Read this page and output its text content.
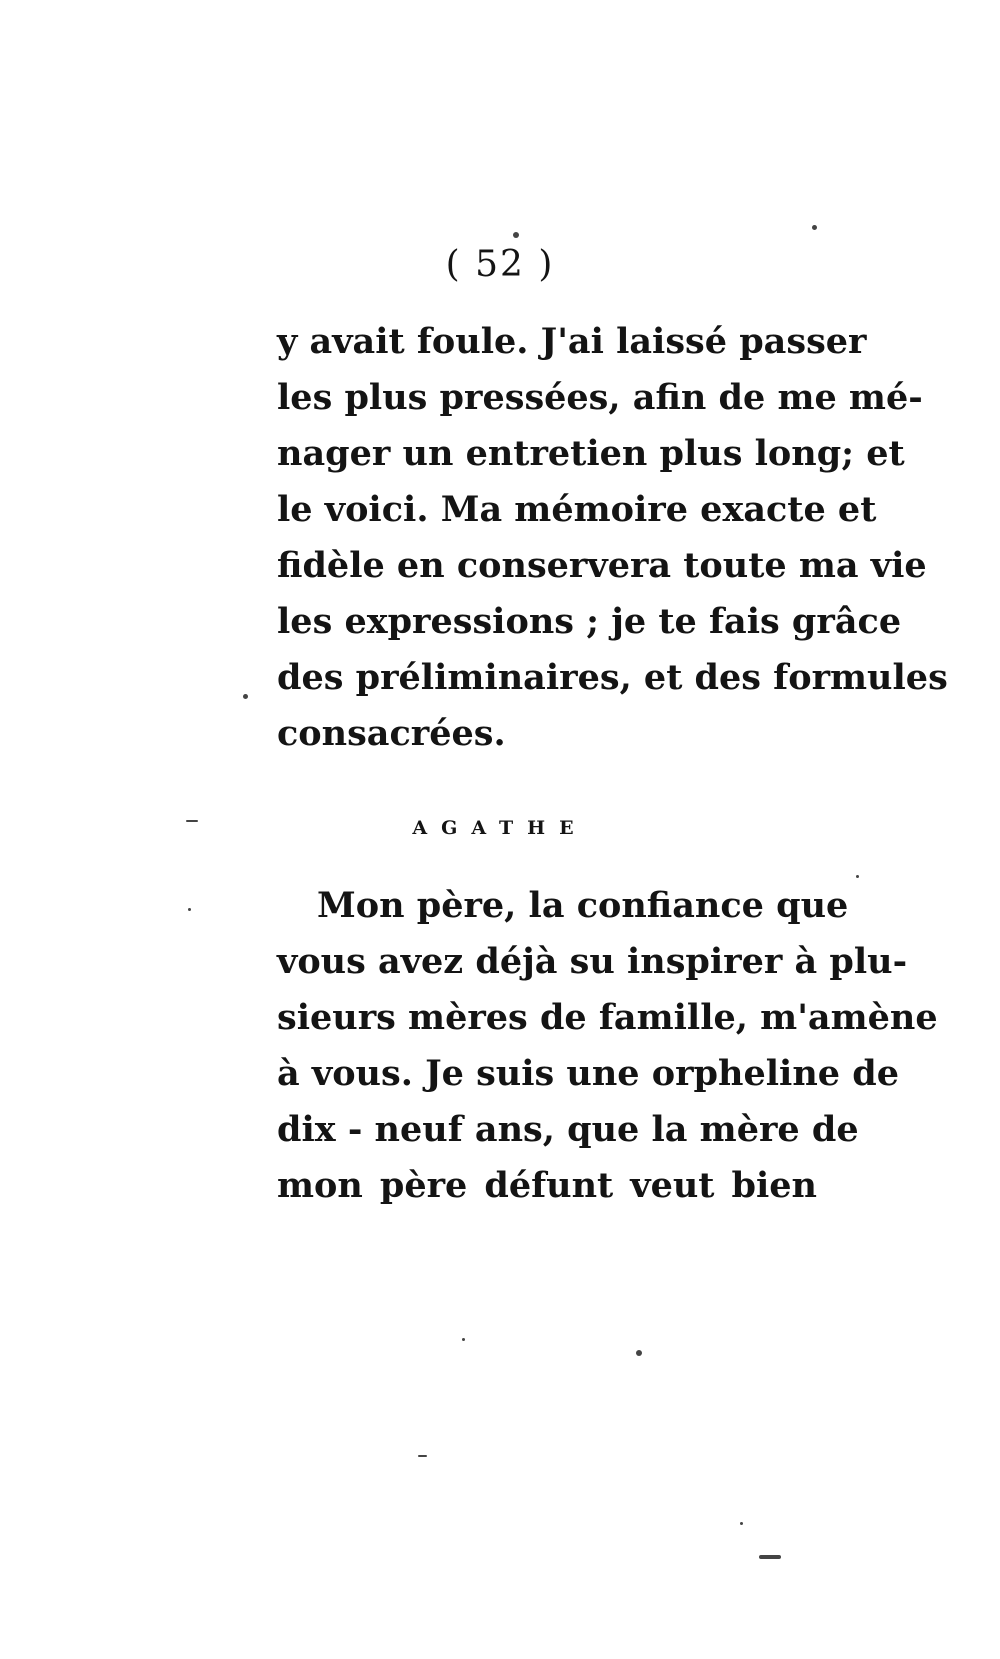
( 52 )
y avait foule. J'ai laissé passer
les plus pressées, afin de me mé-
nager un entretien plus long; et
le voici. Ma mémoire exacte et
fidèle en conservera toute ma vie
les expressions ; je te fais grâce
des préliminaires, et des formules
consacrées.
AGATHE
Mon père, la confiance que
vous avez déjà su inspirer à plu-
sieurs mères de famille, m'amène
à vous. Je suis une orpheline de
dix - neuf ans, que la mère de
mon père défunt veut bien
